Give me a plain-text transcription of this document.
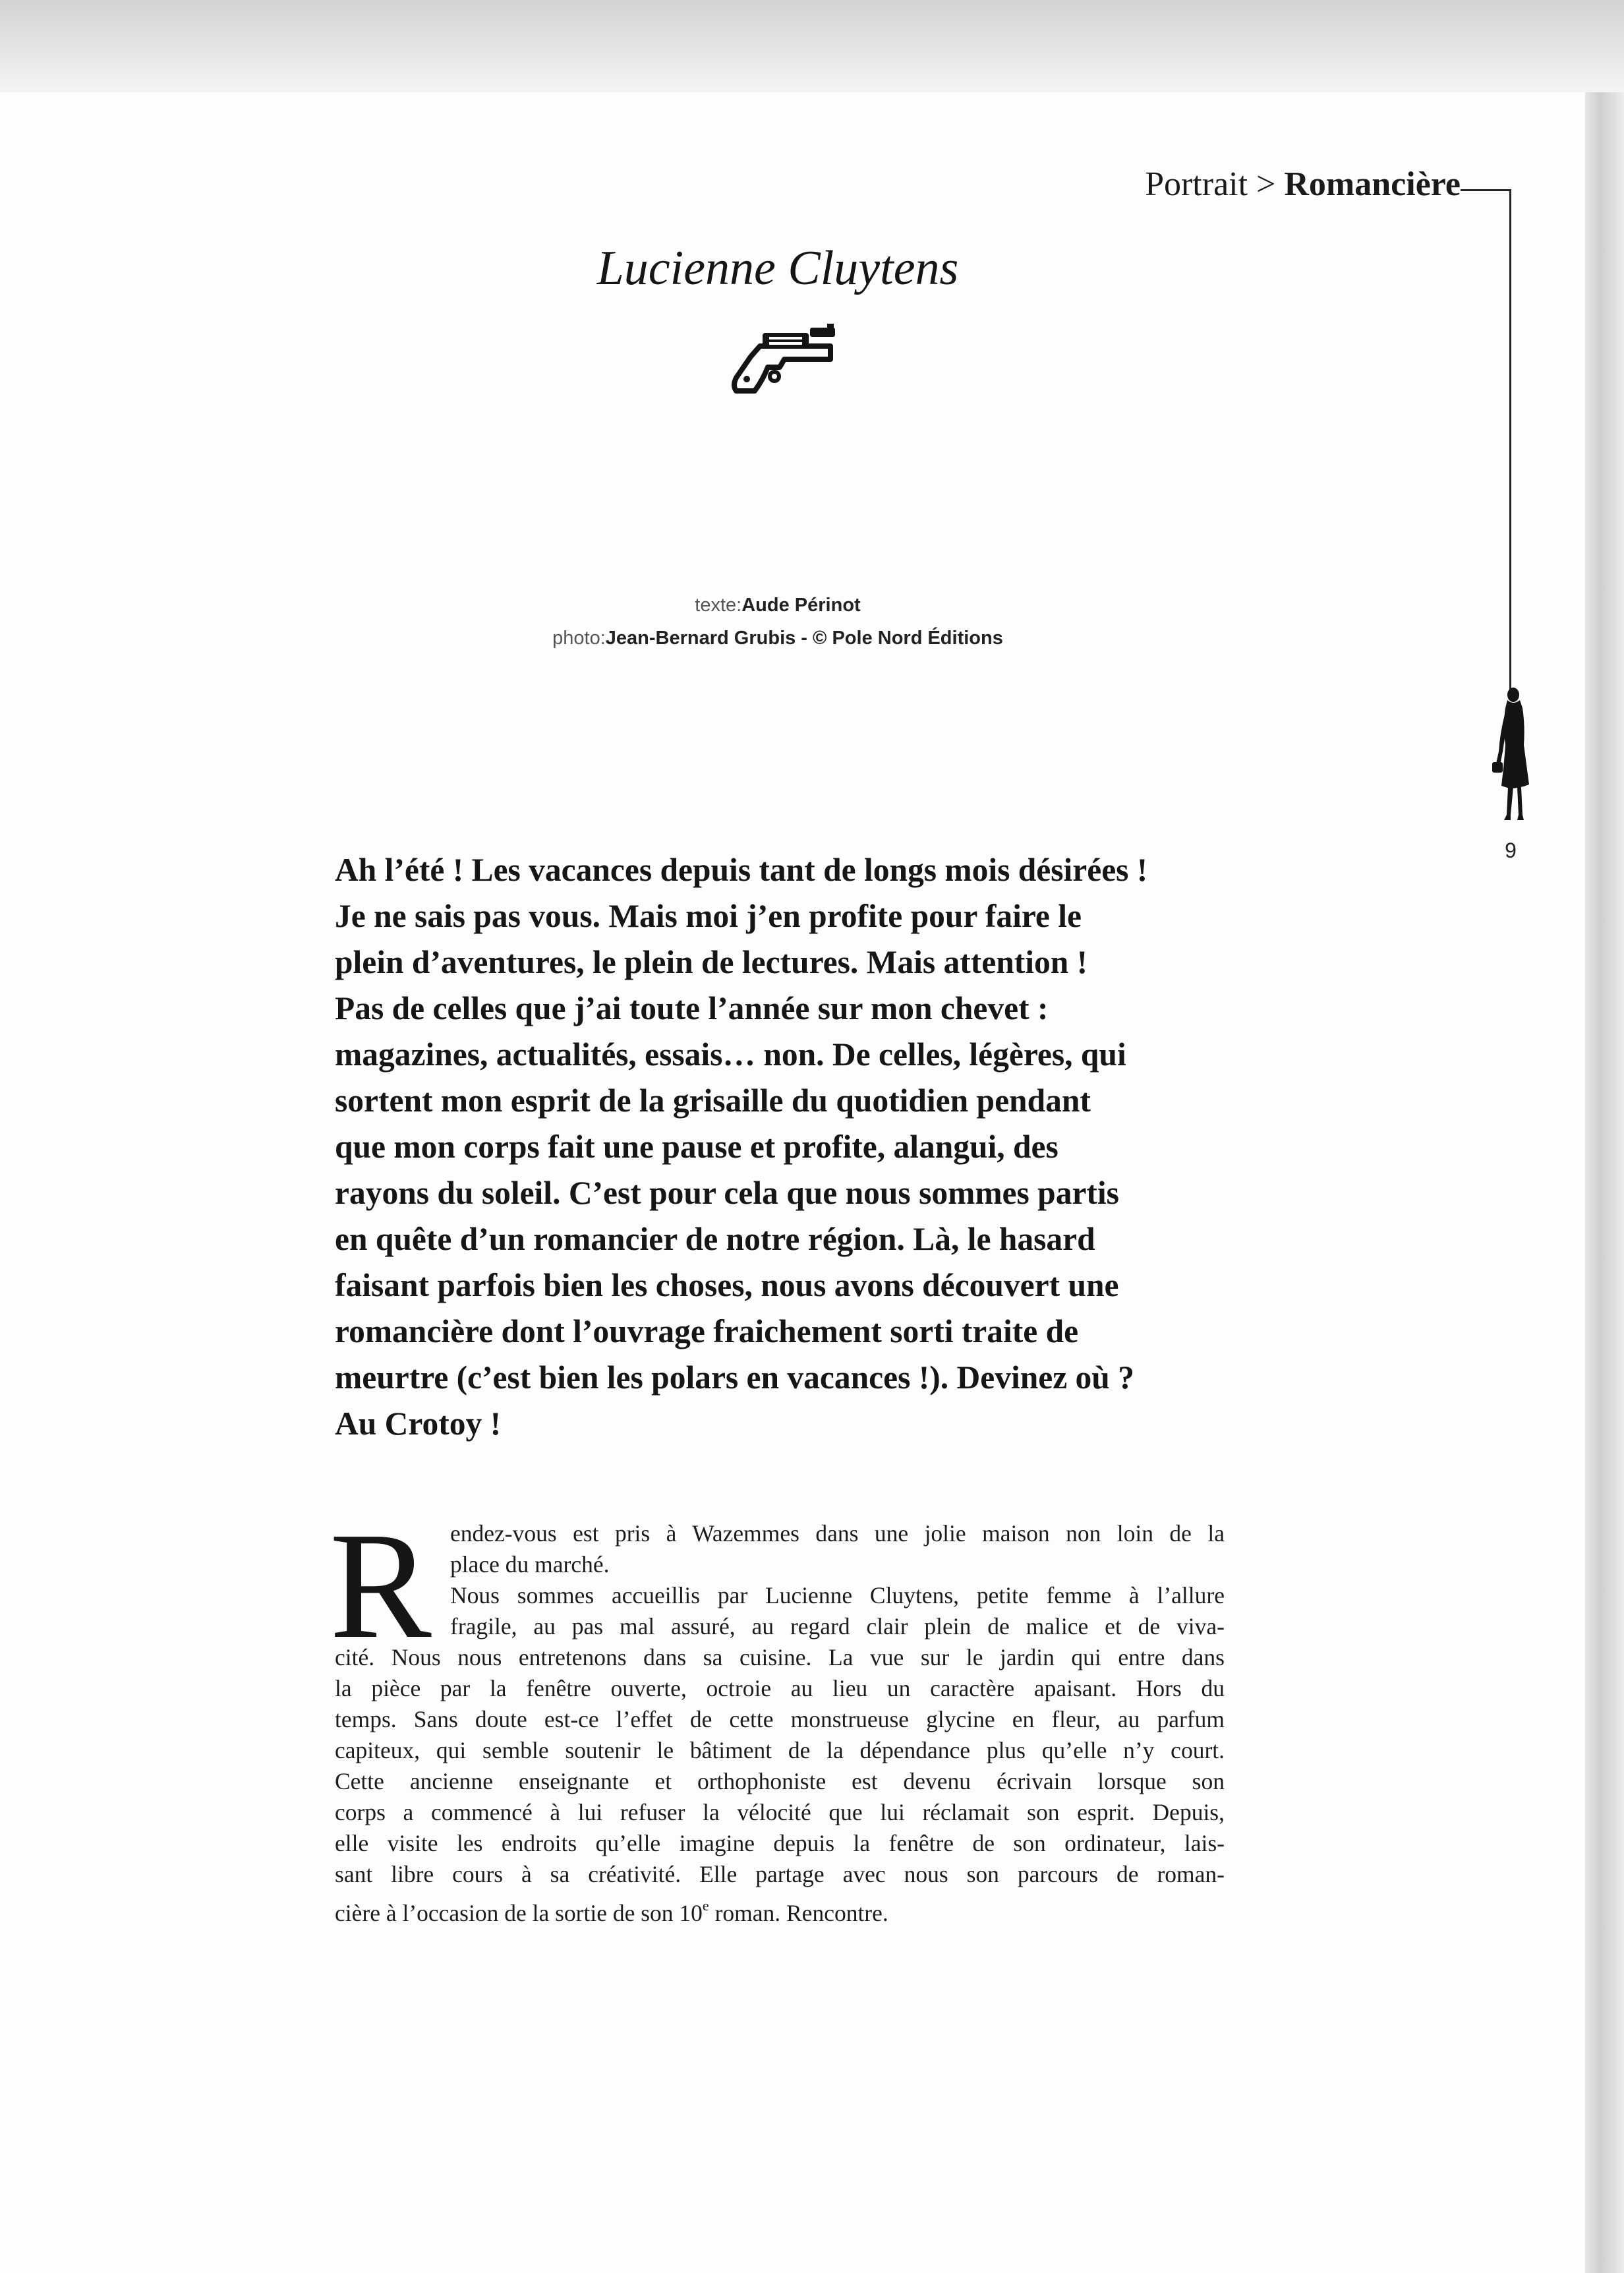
Portrait > Romancière
9
Lucienne Cluytens
texte:Aude Périnot
photo:Jean-Bernard Grubis - © Pole Nord Éditions
Ah l’été ! Les vacances depuis tant de longs mois désirées !
Je ne sais pas vous. Mais moi j’en profite pour faire le
plein d’aventures, le plein de lectures. Mais attention !
Pas de celles que j’ai toute l’année sur mon chevet :
magazines, actualités, essais… non. De celles, légères, qui
sortent mon esprit de la grisaille du quotidien pendant
que mon corps fait une pause et profite, alangui, des
rayons du soleil. C’est pour cela que nous sommes partis
en quête d’un romancier de notre région. Là, le hasard
faisant parfois bien les choses, nous avons découvert une
romancière dont l’ouvrage fraichement sorti traite de
meurtre (c’est bien les polars en vacances !). Devinez où ?
Au Crotoy !
R endez-vous est pris à Wazemmes dans une jolie maison non loin de la
place du marché.
Nous sommes accueillis par Lucienne Cluytens, petite femme à l’allure
fragile, au pas mal assuré, au regard clair plein de malice et de viva-
cité. Nous nous entretenons dans sa cuisine. La vue sur le jardin qui entre dans
la pièce par la fenêtre ouverte, octroie au lieu un caractère apaisant. Hors du
temps. Sans doute est-ce l’effet de cette monstrueuse glycine en fleur, au parfum
capiteux, qui semble soutenir le bâtiment de la dépendance plus qu’elle n’y court.
Cette ancienne enseignante et orthophoniste est devenu écrivain lorsque son
corps a commencé à lui refuser la vélocité que lui réclamait son esprit. Depuis,
elle visite les endroits qu’elle imagine depuis la fenêtre de son ordinateur, lais-
sant libre cours à sa créativité. Elle partage avec nous son parcours de roman-
cière à l’occasion de la sortie de son 10e roman. Rencontre.
